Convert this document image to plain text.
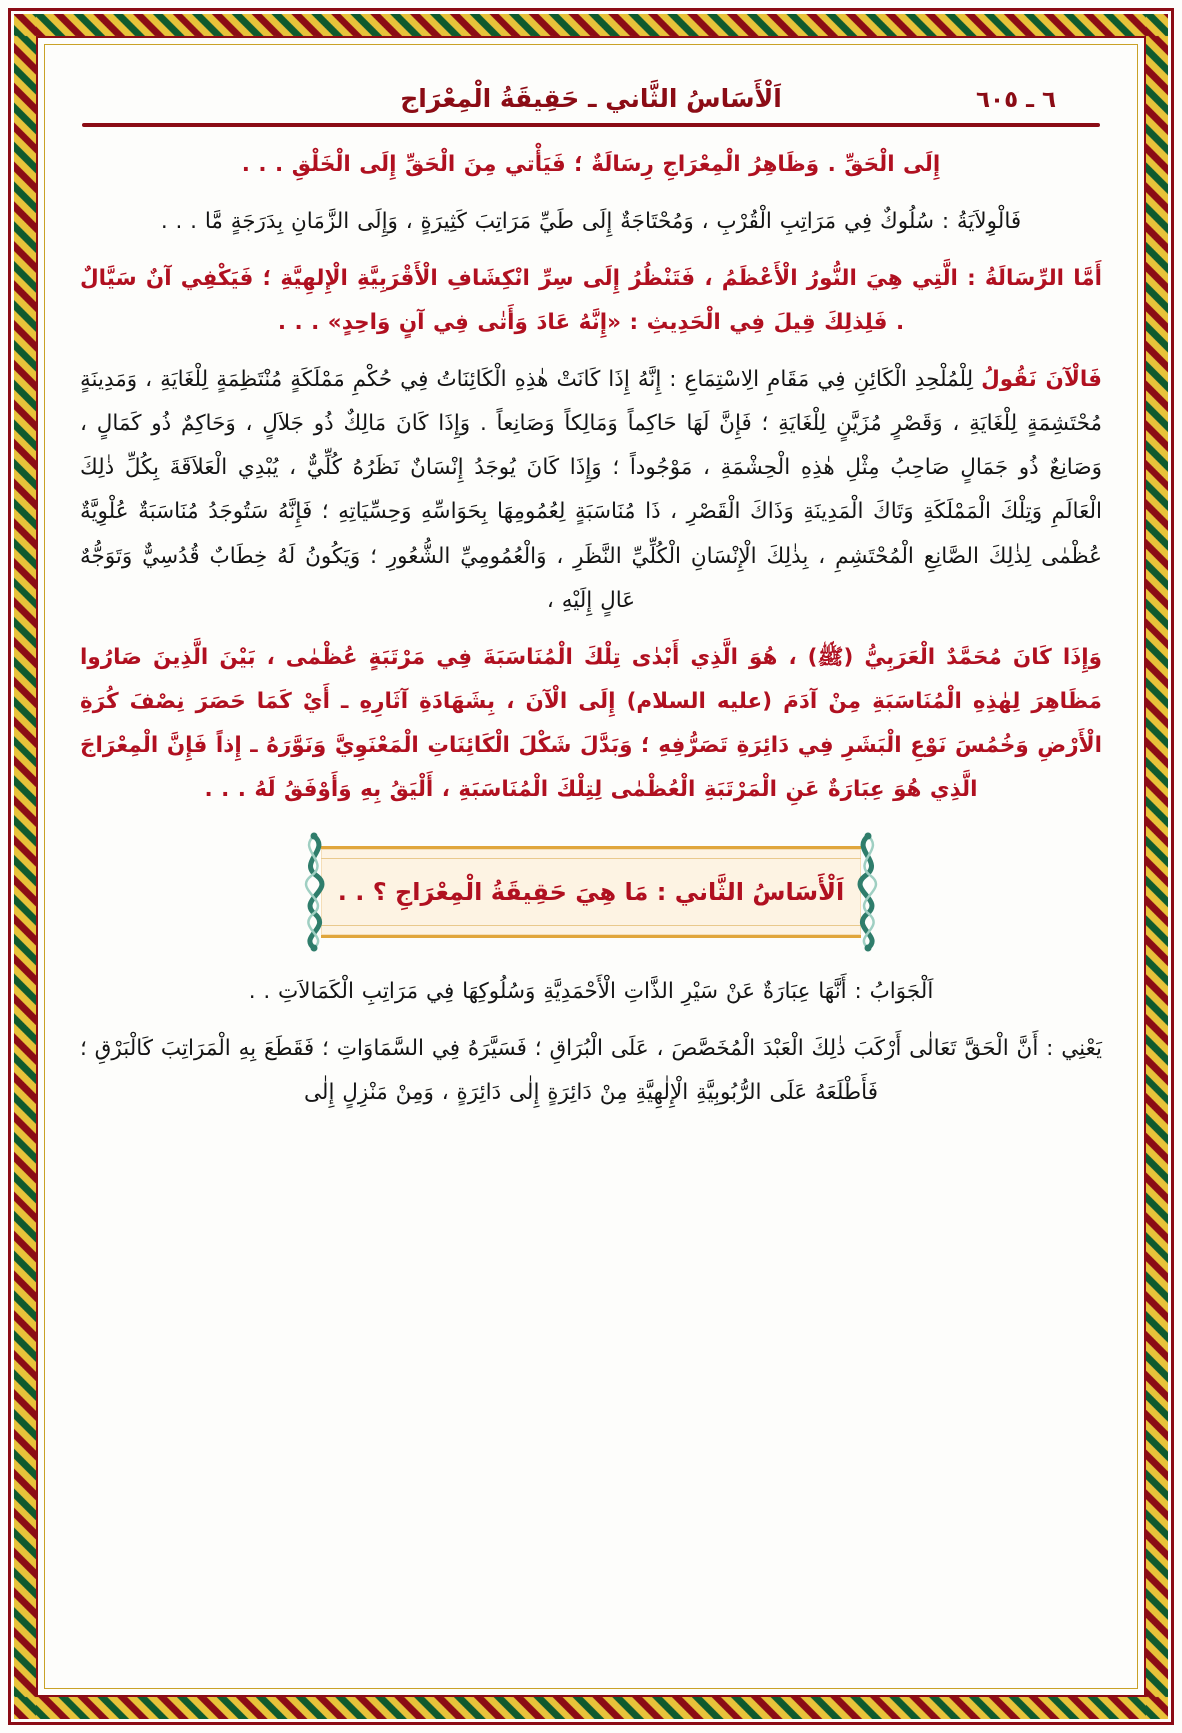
٦ ـ ٦٠٥
اَلْأَسَاسُ الثَّاني ـ حَقِيقَةُ الْمِعْرَاج

إِلَى الْحَقِّ . وَظَاهِرُ الْمِعْرَاجِ رِسَالَةٌ ؛ فَيَأْتي مِنَ الْحَقِّ إِلَى الْخَلْقِ . . .

فَالْوِلاَيَةُ : سُلُوكٌ فِي مَرَاتِبِ الْقُرْبِ ، وَمُحْتَاجَةٌ إِلَى طَيِّ مَرَاتِبَ كَثِيرَةٍ ، وَإِلَى الزَّمَانِ بِدَرَجَةٍ مَّا . . .

أَمَّا الرِّسَالَةُ : الَّتِي هِيَ النُّورُ الْأَعْظَمُ ، فَتَنْظُرُ إِلَى سِرِّ انْكِشَافِ الْأَقْرَبِيَّةِ الْإِلهِيَّةِ ؛ فَيَكْفِي آنٌ سَيَّالٌ . فَلِذلِكَ قِيلَ فِي الْحَدِيثِ : «إِنَّهُ عَادَ وَأَتٰى فِي آنٍ وَاحِدٍ» . . .

فَالْآنَ نَقُولُ لِلْمُلْحِدِ الْكَائِنِ فِي مَقَامِ الِاسْتِمَاعِ : إِنَّهُ إِذَا كَانَتْ هٰذِهِ الْكَائِنَاتُ فِي حُكْمِ مَمْلَكَةٍ مُنْتَظِمَةٍ لِلْغَايَةِ ، وَمَدِينَةٍ مُحْتَشِمَةٍ لِلْغَايَةِ ، وَقَصْرٍ مُزَيَّنٍ لِلْغَايَةِ ؛ فَإِنَّ لَهَا حَاكِماً وَمَالِكاً وَصَانِعاً . وَإِذَا كَانَ مَالِكٌ ذُو جَلاَلٍ ، وَحَاكِمٌ ذُو كَمَالٍ ، وَصَانِعٌ ذُو جَمَالٍ صَاحِبُ مِثْلِ هٰذِهِ الْحِشْمَةِ ، مَوْجُوداً ؛ وَإِذَا كَانَ يُوجَدُ إِنْسَانٌ نَظَرُهُ كُلِّيٌّ ، يُبْدِي الْعَلاَقَةَ بِكُلِّ ذٰلِكَ الْعَالَمِ وَتِلْكَ الْمَمْلَكَةِ وَتَاكَ الْمَدِينَةِ وَذَاكَ الْقَصْرِ ، ذَا مُنَاسَبَةٍ لِعُمُومِهَا بِحَوَاسِّهِ وَحِسِّيَاتِهِ ؛ فَإِنَّهُ سَتُوجَدُ مُنَاسَبَةٌ عُلْوِيَّةٌ عُظْمٰى لِذٰلِكَ الصَّانِعِ الْمُحْتَشِمِ ، بِذٰلِكَ الْإِنْسَانِ الْكُلِّيِّ النَّظَرِ ، وَالْعُمُومِيِّ الشُّعُورِ ؛ وَيَكُونُ لَهُ خِطَابٌ قُدُسِيٌّ وَتَوَجُّهٌ عَالٍ إِلَيْهِ ،

وَإِذَا كَانَ مُحَمَّدٌ الْعَرَبِيُّ (ﷺ) ، هُوَ الَّذِي أَبْدٰى تِلْكَ الْمُنَاسَبَةَ فِي مَرْتَبَةٍ عُظْمٰى ، بَيْنَ الَّذِينَ صَارُوا مَظَاهِرَ لِهٰذِهِ الْمُنَاسَبَةِ مِنْ آدَمَ (عليه السلام) إِلَى الْآنَ ، بِشَهَادَةِ آثَارِهِ ـ أَيْ كَمَا حَصَرَ نِصْفَ كُرَةِ الْأَرْضِ وَخُمُسَ نَوْعِ الْبَشَرِ فِي دَائِرَةِ تَصَرُّفِهِ ؛ وَبَدَّلَ شَكْلَ الْكَائِنَاتِ الْمَعْنَوِيَّ وَنَوَّرَهُ ـ إِذاً فَإِنَّ الْمِعْرَاجَ الَّذِي هُوَ عِبَارَةٌ عَنِ الْمَرْتَبَةِ الْعُظْمٰى لِتِلْكَ الْمُنَاسَبَةِ ، أَلْيَقُ بِهِ وَأَوْفَقُ لَهُ . . .

اَلْأَسَاسُ الثَّاني : مَا هِيَ حَقِيقَةُ الْمِعْرَاجِ ؟ . .

اَلْجَوَابُ : أَنَّهَا عِبَارَةٌ عَنْ سَيْرِ الذَّاتِ الْأَحْمَدِيَّةِ وَسُلُوكِهَا فِي مَرَاتِبِ الْكَمَالاَتِ . .

يَعْنِي : أَنَّ الْحَقَّ تَعَالٰى أَرْكَبَ ذٰلِكَ الْعَبْدَ الْمُخَصَّصَ ، عَلَى الْبُرَاقِ ؛ فَسَيَّرَهُ فِي السَّمَاوَاتِ ؛ فَقَطَعَ بِهِ الْمَرَاتِبَ كَالْبَرْقِ ؛ فَأَطْلَعَهُ عَلَى الرُّبُوبِيَّةِ الْإِلٰهِيَّةِ مِنْ دَائِرَةٍ إِلٰى دَائِرَةٍ ، وَمِنْ مَنْزِلٍ إِلٰى
